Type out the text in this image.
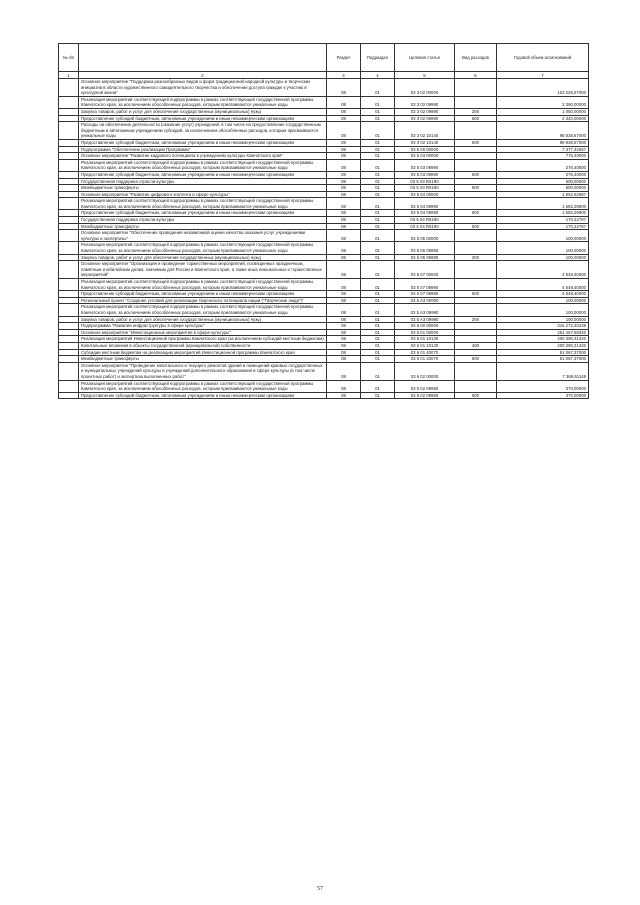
№ п/п		Раздел	Подраздел	Целевая статья	Вид расходов	Годовой объем ассигнований
1	2	3	4	5	6	7
	Основное мероприятие "Поддержка разнообразных видов и форм традиционной народной культуры и творческих инициатив в области художественного самодеятельного творчества и обеспечение доступа граждан к участию в культурной жизни"	08	01	03 3 02 00000		102 228,67000
	Реализация мероприятий соответствующей подпрограммы в рамках соответствующей государственной программы Камчатского края, за исключением обособленных расходов, которым присваиваются уникальные коды	08	01	03 3 02 09990		3 390,00000
	Закупка товаров, работ и услуг для обеспечения государственных (муниципальных) нужд	08	01	03 3 02 09990	200	1 050,00000
	Предоставление субсидий бюджетным, автономным учреждениям и иным некоммерческим организациям	08	01	03 3 02 09990	600	2 340,00000
	Расходы на обеспечение деятельности (оказание услуг) учреждений, в том числе на предоставление государственным бюджетным и автономным учреждениям субсидий, за исключением обособленных расходов, которым присваиваются уникальные коды	08	01	03 3 02 10140		98 838,67000
	Предоставление субсидий бюджетным, автономным учреждениям и иным некоммерческим организациям	08	01	03 3 02 10140	600	98 838,67000
	Подпрограмма "Обеспечение реализации Программы"	08	01	03 5 00 00000		7 377,42687
	Основное мероприятие "Развитие кадрового потенциала в учреждениях культуры Камчатского края"	08	01	03 5 03 00000		776,40000
	Реализация мероприятий соответствующей подпрограммы в рамках соответствующей государственной программы Камчатского края, за исключением обособленных расходов, которым присваиваются уникальные коды	08	01	03 5 03 09990		276,40000
	Предоставление субсидий бюджетным, автономным учреждениям и иным некоммерческим организациям	08	01	03 5 03 09990	600	276,40000
	Государственная поддержка отрасли культуры	08	01	03 5 03 R5190		500,00000
	Межбюджетные трансферты	08	01	03 5 03 R5190	500	500,00000
	Основное мероприятие "Развитие цифрового контента в сфере культуры"	08	01	03 5 04 00000		1 852,62687
	Реализация мероприятий соответствующей подпрограммы в рамках соответствующей государственной программы Камчатского края, за исключением обособленных расходов, которым присваиваются уникальные коды	08	01	03 5 04 09990		1 682,29900
	Предоставление субсидий бюджетным, автономным учреждениям и иным некоммерческим организациям	08	01	03 5 04 09990	600	1 682,29900
	Государственная поддержка отрасли культуры	08	01	03 5 04 R5190		170,32787
	Межбюджетные трансферты	08	01	03 5 04 R5190	500	170,32787
	Основное мероприятие "Обеспечение проведения независимой оценки качества оказания услуг учреждениями культуры и экспертизы"	08	01	03 5 05 00000		100,00000
	Реализация мероприятий соответствующей подпрограммы в рамках соответствующей государственной программы Камчатского края, за исключением обособленных расходов, которым присваиваются уникальные коды	08	01	03 5 05 09990		100,00000
	Закупка товаров, работ и услуг для обеспечения государственных (муниципальных) нужд	08	01	03 5 05 09990	200	100,00000
	Основное мероприятие "Организация и проведение торжественных мероприятий, посвященных праздничным, памятным и юбилейным датам, значимым для России и Камчатского края, а также иных внешкольных и торжественных мероприятий"	08	01	03 5 07 00000		4 548,40000
	Реализация мероприятий соответствующей подпрограммы в рамках соответствующей государственной программы Камчатского края, за исключением обособленных расходов, которым присваиваются уникальные коды	08	01	03 5 07 09990		4 548,40000
	Предоставление субсидий бюджетным, автономным учреждениям и иным некоммерческим организациям	08	01	03 5 07 09990	600	4 548,40000
	Региональный проект "Создание условий для реализации творческого потенциала нации ("Творческие люди")"	08	01	03 5 A3 00000		100,00000
	Реализация мероприятий соответствующей подпрограммы в рамках соответствующей государственной программы Камчатского края, за исключением обособленных расходов, которым присваиваются уникальные коды	08	01	03 5 A3 09990		100,00000
	Закупка товаров, работ и услуг для обеспечения государственных (муниципальных) нужд	08	01	03 5 A3 09990	200	100,00000
	Подпрограмма "Развитие инфраструктуры в сфере культуры"	08	01	03 6 00 00000		316 272,40239
	Основное мероприятие "Инвестиционные мероприятия в сфере культуры"	08	01	03 6 01 00000		251 457,68320
	Реализация мероприятий Инвестиционной программы Камчатского края (за исключением субсидий местным бюджетам)	08	01	03 6 01 10130		200 390,31320
	Капитальные вложения в объекты государственной (муниципальной) собственности	08	01	03 6 01 10130	400	200 390,31320
	Субсидии местным бюджетам на реализацию мероприятий Инвестиционной программы Камчатского края	08	01	03 6 01 40070		51 067,37000
	Межбюджетные трансферты	08	01	03 6 01 40070	500	51 067,37000
	Основное мероприятие "Проведение капитального и текущего ремонтов зданий и помещений краевых государственных и муниципальных учреждений культуры и учреждений дополнительного образования в сфере культуры (в том числе проектных работ) и экспертиза выполненных работ"	08	01	03 6 02 00000		7 369,61149
	Реализация мероприятий соответствующей подпрограммы в рамках соответствующей государственной программы Камчатского края, за исключением обособленных расходов, которым присваиваются уникальные коды	08	01	03 6 02 09990		370,00000
	Предоставление субсидий бюджетным, автономным учреждениям и иным некоммерческим организациям	08	01	03 6 02 09990	600	370,00000
57
